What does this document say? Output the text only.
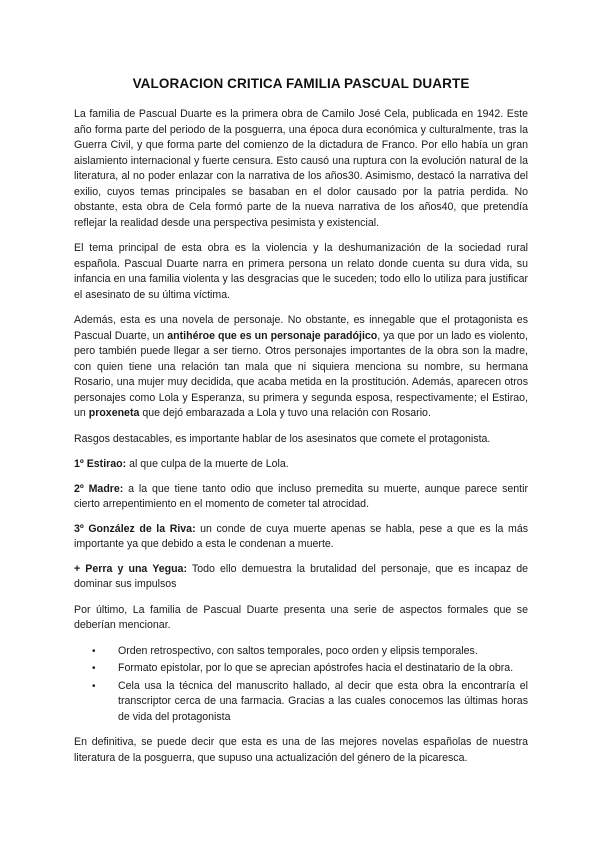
VALORACION CRITICA FAMILIA PASCUAL DUARTE

La familia de Pascual Duarte es la primera obra de Camilo José Cela, publicada en 1942. Este año forma parte del periodo de la posguerra, una época dura económica y culturalmente, tras la Guerra Civil, y que forma parte del comienzo de la dictadura de Franco. Por ello había un gran aislamiento internacional y fuerte censura. Esto causó una ruptura con la evolución natural de la literatura, al no poder enlazar con la narrativa de los años30. Asimismo, destacó la narrativa del exilio, cuyos temas principales se basaban en el dolor causado por la patria perdida. No obstante, esta obra de Cela formó parte de la nueva narrativa de los años40, que pretendía reflejar la realidad desde una perspectiva pesimista y existencial.

El tema principal de esta obra es la violencia y la deshumanización de la sociedad rural española. Pascual Duarte narra en primera persona un relato donde cuenta su dura vida, su infancia en una familia violenta y las desgracias que le suceden; todo ello lo utiliza para justificar el asesinato de su última víctima.

Además, esta es una novela de personaje. No obstante, es innegable que el protagonista es Pascual Duarte, un antihéroe que es un personaje paradójico, ya que por un lado es violento, pero también puede llegar a ser tierno. Otros personajes importantes de la obra son la madre, con quien tiene una relación tan mala que ni siquiera menciona su nombre, su hermana Rosario, una mujer muy decidida, que acaba metida en la prostitución. Además, aparecen otros personajes como Lola y Esperanza, su primera y segunda esposa, respectivamente; el Estirao, un proxeneta que dejó embarazada a Lola y tuvo una relación con Rosario.

Rasgos destacables, es importante hablar de los asesinatos que comete el protagonista.

1º Estirao: al que culpa de la muerte de Lola.

2º Madre: a la que tiene tanto odio que incluso premedita su muerte, aunque parece sentir cierto arrepentimiento en el momento de cometer tal atrocidad.

3º González de la Riva: un conde de cuya muerte apenas se habla, pese a que es la más importante ya que debido a esta le condenan a muerte.

+ Perra y una Yegua: Todo ello demuestra la brutalidad del personaje, que es incapaz de dominar sus impulsos

Por último, La familia de Pascual Duarte presenta una serie de aspectos formales que se deberían mencionar.

• Orden retrospectivo, con saltos temporales, poco orden y elipsis temporales.
• Formato epistolar, por lo que se aprecian apóstrofes hacia el destinatario de la obra.
• Cela usa la técnica del manuscrito hallado, al decir que esta obra la encontraría el transcriptor cerca de una farmacia. Gracias a las cuales conocemos las últimas horas de vida del protagonista

En definitiva, se puede decir que esta es una de las mejores novelas españolas de nuestra literatura de la posguerra, que supuso una actualización del género de la picaresca.
